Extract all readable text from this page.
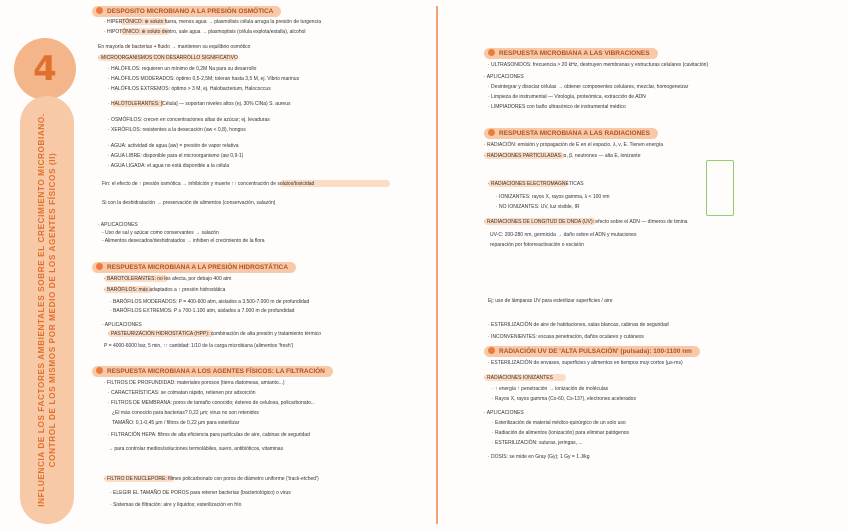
4
INFLUENCIA DE LOS FACTORES AMBIENTALES SOBRE EL CRECIMIENTO MICROBIANO. CONTROL DE LOS MISMOS POR MEDIO DE LOS AGENTES FÍSICOS (II)
DESPOSITO MICROBIANO A LA PRESIÓN OSMÓTICA
· HIPERTÓNICO: ⊕ soluto fuera, menos agua → plasmólisis célula arruga la presión de turgencia
· HIPOTÓNICO: ⊕ soluto dentro, sale agua → plasmoptisis (célula explota/estalla), alcohol
En mayoría de bacterias + fluido → mantienen su equilibrio osmótico
· MICROORGANISMOS CON DESARROLLO SIGNIFICATIVO
· HALÓFILOS: requieren un mínimo de 0,2M Na para su desarrollo
· HALÓFILOS MODERADOS: óptimo 0,5-2,5M; toleran hasta 3,5 M, ej. Vibrio marinus
· HALÓFILOS EXTREMOS: óptimo > 3 M, ej. Halobacterium, Halococcus
· HALOTOLERANTES: [Célula] — soportan niveles altos (ej. 30% ClNa) S. aureus
· OSMÓFILOS: crecen en concentraciones altas de azúcar; ej. levaduras
· XERÓFILOS: resistentes a la desecación (aw < 0,8), hongos
· AGUA: actividad de agua (aw) = presión de vapor relativa
· AGUA LIBRE: disponible para el microorganismo (aw 0,9-1)
· AGUA LIGADA: el agua no está disponible a la célula
Fin: el efecto de ↑ presión osmótica → inhibición y muerte ↑↑ concentración de solutos/toxicidad
Si con la deshidratación → preservación de alimentos (conservación, salazón)
· APLICACIONES
- Uso de sal y azúcar como conservantes → salazón
- Alimentos desecados/deshidratados → inhiben el crecimiento de la flora
RESPUESTA MICROBIANA A LA PRESIÓN HIDROSTÁTICA
· BAROTOLERANTES: no les afecta, por debajo 400 atm
· BARÓFILOS: más adaptados a ↑ presión hidrostática
· BARÓFILOS MODERADOS: P = 400-600 atm, aislados a 3.500-7.000 m de profundidad
· BARÓFILOS EXTREMOS: P ≥ 700-1.100 atm, aislados a 7.000 m de profundidad
· APLICACIONES
· PASTEURIZACIÓN HIDROSTÁTICA (HPP): combinación de alta presión y tratamiento térmico
P = 4000-6000 bar, 5 min, ↑↑ cantidad: 1/10 de la carga microbiana (alimentos 'fresh')
RESPUESTA MICROBIANA A LOS AGENTES FÍSICOS: LA FILTRACIÓN
· FILTROS DE PROFUNDIDAD: materiales porosos (tierra diatomeas, amianto...)
· CARACTERÍSTICAS: se colmatan rápido, retienen por adsorción
· FILTROS DE MEMBRANA: poros de tamaño conocido; ésteres de celulosa, policarbonato...
¿El más conocido para bacterias? 0,22 µm; virus no son retenidos
TAMAÑO: 0,1-0,45 µm / filtros de 0,22 µm para esterilizar
· FILTRACIÓN HEPA: filtros de alta eficiencia para partículas de aire, cabinas de seguridad
→ para controlar medios/soluciones termolábiles, suero, antibióticos, vitaminas
· FILTRO DE NUCLEPORE: filmes policarbonato con poros de diámetro uniforme ('track-etched')
· ELEGIR EL TAMAÑO DE POROS para retener bacterias (bacteriológico) o virus
· Sistemas de filtración: aire y líquidos; esterilización en frío
RESPUESTA MICROBIANA A LAS VIBRACIONES
· ULTRASONIDOS: frecuencia > 20 kHz, destruyen membranas y estructuras celulares (cavitación)
· APLICACIONES
· Desintegrar y disociar células → obtener componentes celulares, mezclar, homogeneizar
· Limpieza de instrumental — Virología, proteómica, extracción de ADN
· LIMPIADORES con baño ultrasónico de instrumental médico
RESPUESTA MICROBIANA A LAS RADIACIONES
· RADIACIÓN: emisión y propagación de E en el espacio. λ, ν, E. Tienen energía
· RADIACIONES PARTICULADAS: α, β, neutrones — alta E, ionizante
· RADIACIONES ELECTROMAGNÉTICAS
· IONIZANTES: rayos X, rayos gamma, λ < 100 nm
· NO IONIZANTES: UV, luz visible, IR
· RADIACIONES DE LONGITUD DE ONDA (UV): efecto sobre el ADN — dímeros de timina
UV-C: 200-280 nm, germicida → daño sobre el ADN y mutaciones
reparación por fotorreactivación o escisión
Ej: uso de lámparas UV para esterilizar superficies / aire
· ESTERILIZACIÓN de aire de habitaciones, salas blancas, cabinas de seguridad
· INCONVENIENTES: escasa penetración, daños oculares y cutáneos
RADIACIÓN UV DE 'ALTA PULSACIÓN' (pulsada): 100-1100 nm
· ESTERILIZACIÓN de envases, superficies y alimentos en tiempos muy cortos (µs-ms)
· RADIACIONES IONIZANTES
· ↑ energía ↑ penetración → ionización de moléculas
· Rayos X, rayos gamma (Co-60, Cs-137), electrones acelerados
· APLICACIONES
· Esterilización de material médico-quirúrgico de un solo uso
· Radiación de alimentos (ionización) para eliminar patógenos
· ESTERILIZACIÓN: suturas, jeringas, ...
· DOSIS: se mide en Gray (Gy); 1 Gy = 1 J/kg
